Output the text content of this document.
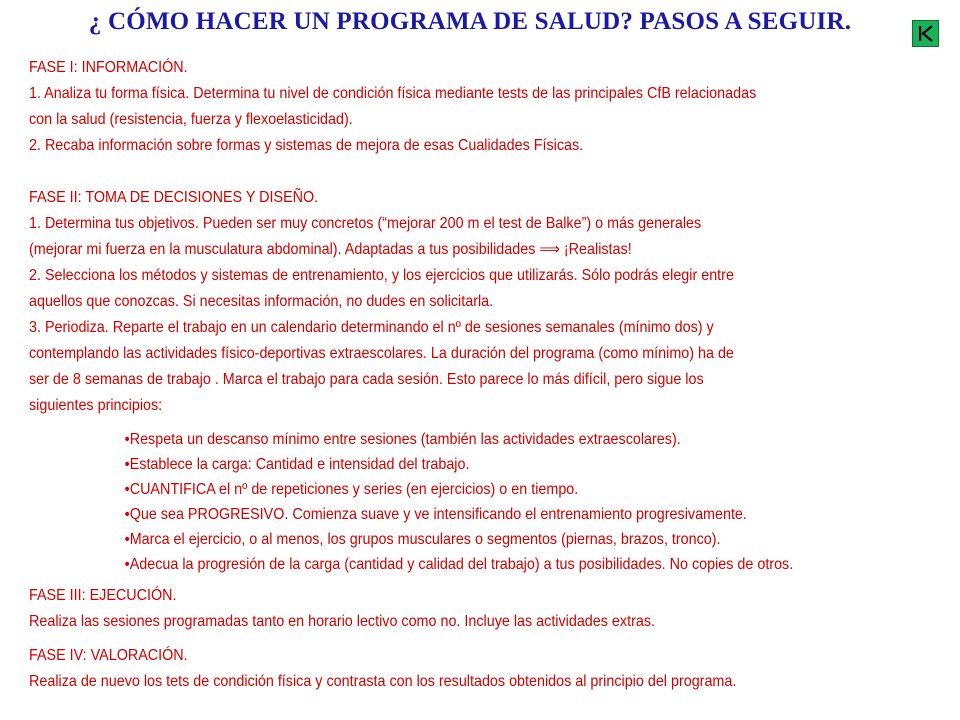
¿ CÓMO HACER UN PROGRAMA DE SALUD? PASOS A SEGUIR.

FASE I: INFORMACIÓN.

1. Analiza tu forma física. Determina tu nivel de condición física mediante tests de las principales CfB relacionadas

con la salud (resistencia, fuerza y flexoelasticidad).

2. Recaba información sobre formas y sistemas de mejora de esas Cualidades Físicas.

FASE II: TOMA DE DECISIONES Y DISEÑO.

1. Determina tus objetivos. Pueden ser muy concretos (“mejorar 200 m el test de Balke”) o más generales

(mejorar mi fuerza en la musculatura abdominal). Adaptadas a tus posibilidades ⟹ ¡Realistas!

2. Selecciona los métodos y sistemas de entrenamiento, y los ejercicios que utilizarás. Sólo podrás elegir entre

aquellos que conozcas. Si necesitas información, no dudes en solicitarla.

3. Periodiza. Reparte el trabajo en un calendario determinando el nº de sesiones semanales (mínimo dos) y

contemplando las actividades físico-deportivas extraescolares. La duración del programa (como mínimo) ha de

ser de 8 semanas de trabajo . Marca el trabajo para cada sesión. Esto parece lo más difícil, pero sigue los

siguientes principios:

•Respeta un descanso mínimo entre sesiones (también las actividades extraescolares).

•Establece la carga: Cantidad e intensidad del trabajo.

•CUANTIFICA el nº de repeticiones y series (en ejercicios) o en tiempo.

•Que sea PROGRESIVO. Comienza suave y ve intensificando el entrenamiento progresivamente.

•Marca el ejercicio, o al menos, los grupos musculares o segmentos (piernas, brazos, tronco).

•Adecua la progresión de la carga (cantidad y calidad del trabajo) a tus posibilidades. No copies de otros.

FASE III: EJECUCIÓN.

Realiza las sesiones programadas tanto en horario lectivo como no. Incluye las actividades extras.

FASE IV: VALORACIÓN.

Realiza de nuevo los tets de condición física y contrasta con los resultados obtenidos al principio del programa.
